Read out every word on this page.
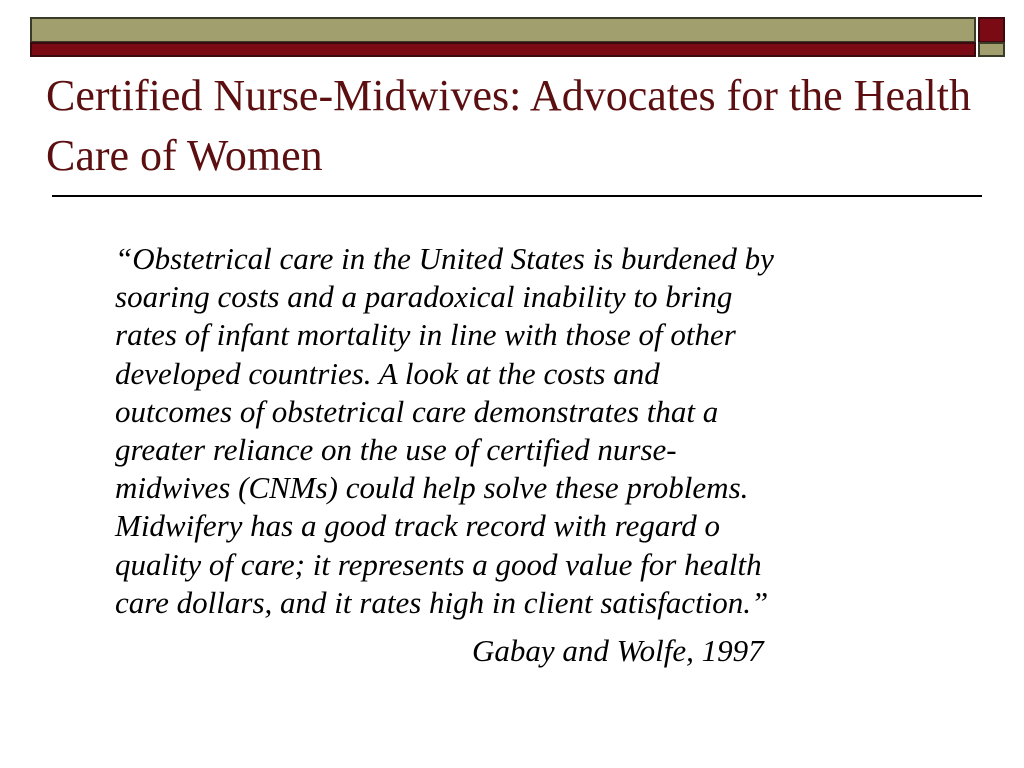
Certified Nurse-Midwives: Advocates for the Health Care of Women

“Obstetrical care in the United States is burdened by
soaring costs and a paradoxical inability to bring
rates of infant mortality in line with those of other
developed countries. A look at the costs and
outcomes of obstetrical care demonstrates that a
greater reliance on the use of certified nurse-
midwives (CNMs) could help solve these problems.
Midwifery has a good track record with regard o
quality of care; it represents a good value for health
care dollars, and it rates high in client satisfaction.”

Gabay and Wolfe, 1997
